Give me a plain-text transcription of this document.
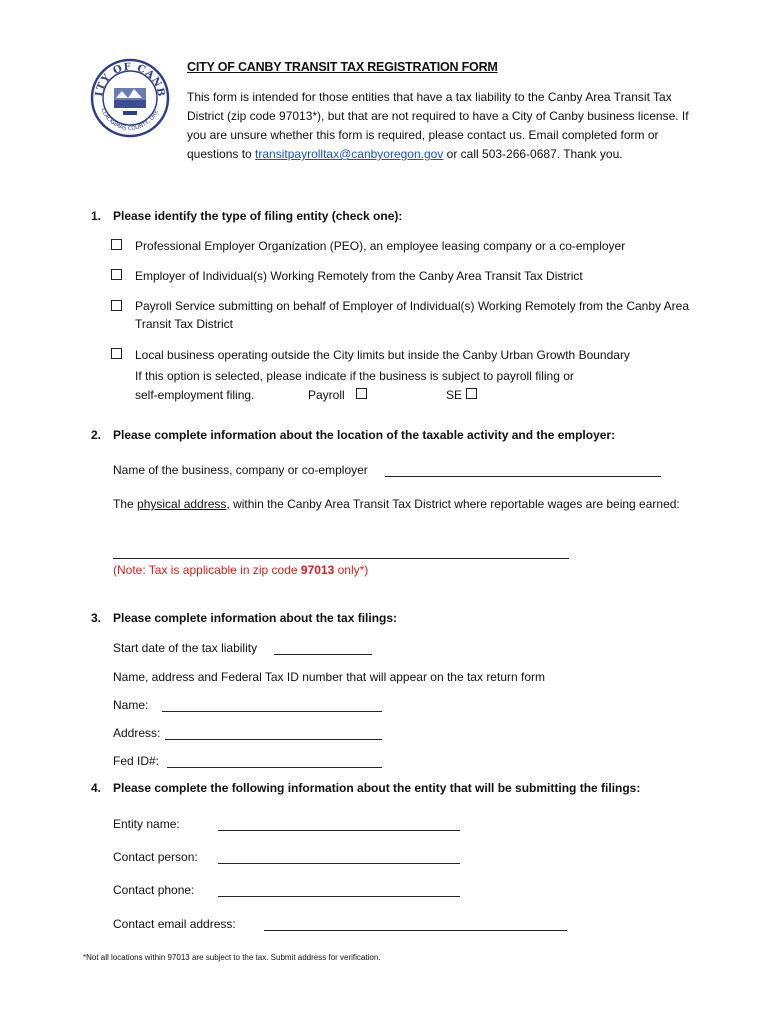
ITY OF CANB
CLACKAMAS COUNTY, ORE.
CITY OF CANBY TRANSIT TAX REGISTRATION FORM
This form is intended for those entities that have a tax liability to the Canby Area Transit Tax District (zip code 97013*), but that are not required to have a City of Canby business license. If you are unsure whether this form is required, please contact us. Email completed form or questions to transitpayrolltax@canbyoregon.gov or call 503-266-0687. Thank you.
1. Please identify the type of filing entity (check one):
Professional Employer Organization (PEO), an employee leasing company or a co-employer
Employer of Individual(s) Working Remotely from the Canby Area Transit Tax District
Payroll Service submitting on behalf of Employer of Individual(s) Working Remotely from the Canby Area Transit Tax District
Local business operating outside the City limits but inside the Canby Urban Growth Boundary
If this option is selected, please indicate if the business is subject to payroll filing or
self-employment filing.	Payroll	SE
2. Please complete information about the location of the taxable activity and the employer:
Name of the business, company or co-employer
The physical address, within the Canby Area Transit Tax District where reportable wages are being earned:
(Note: Tax is applicable in zip code 97013 only*)
3. Please complete information about the tax filings:
Start date of the tax liability
Name, address and Federal Tax ID number that will appear on the tax return form
Name:
Address:
Fed ID#:
4. Please complete the following information about the entity that will be submitting the filings:
Entity name:
Contact person:
Contact phone:
Contact email address:
*Not all locations within 97013 are subject to the tax. Submit address for verification.
